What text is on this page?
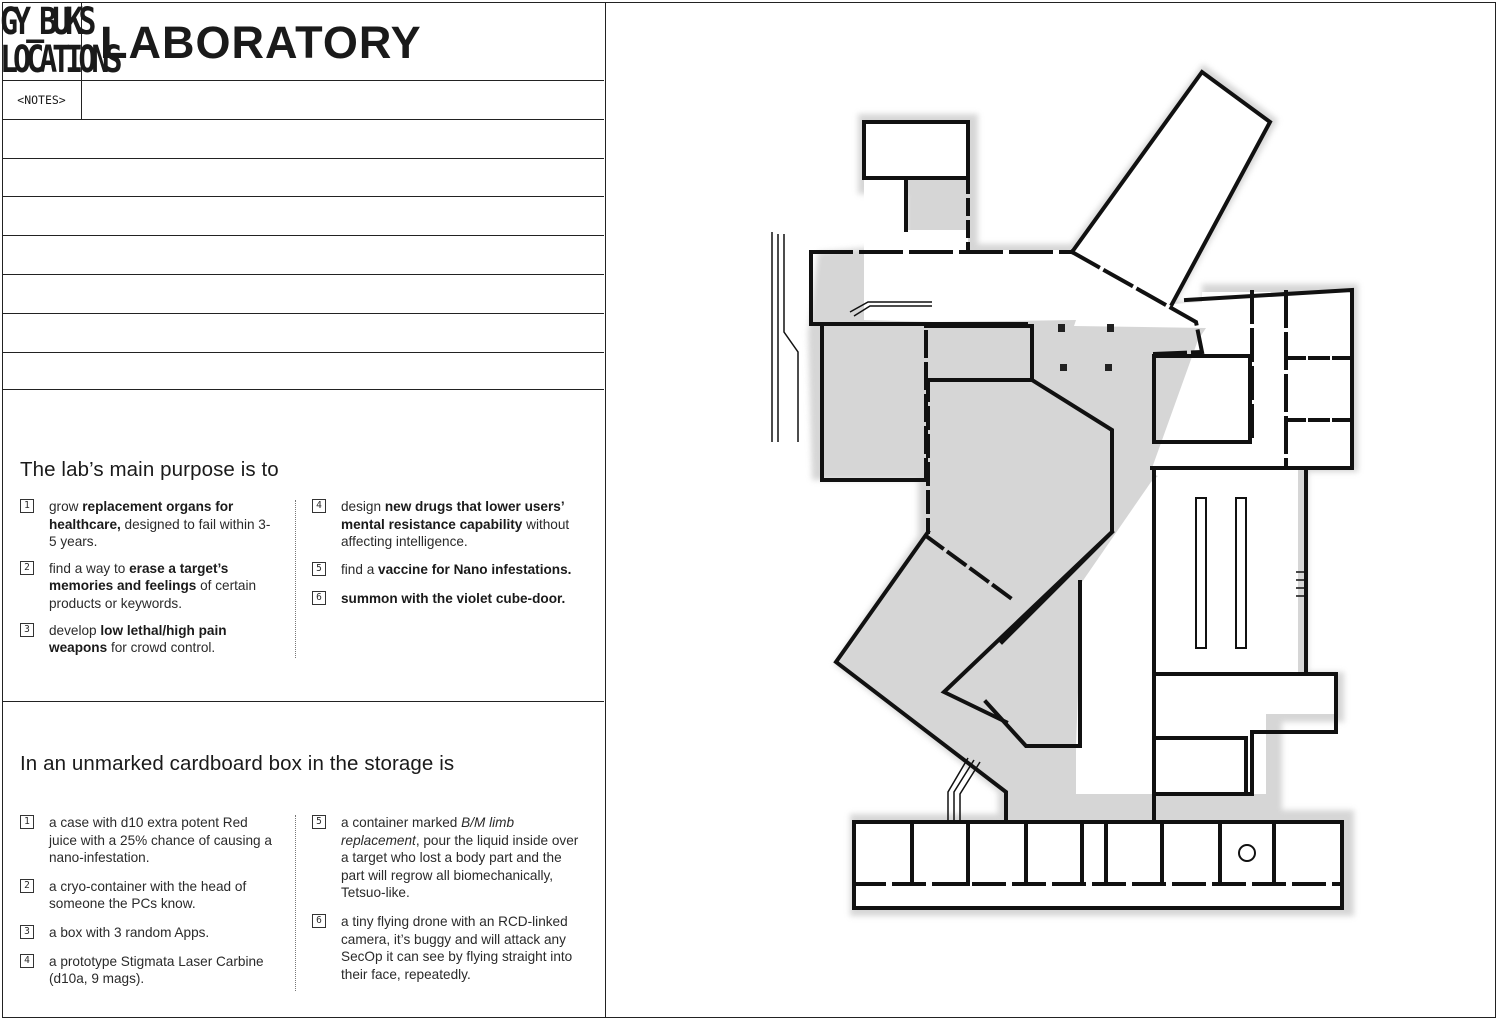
GY_BUKS
LOCATIONS
LABORATORY
<NOTES>
The lab’s main purpose is to
1	grow replacement organs for healthcare, designed to fail within 3-5 years.
2	find a way to erase a target’s memories and feelings of certain products or keywords.
3	develop low lethal/high pain weapons for crowd control.
4	design new drugs that lower users’ mental resistance capability without affecting intelligence.
5	find a vaccine for Nano infestations.
6	summon with the violet cube-door.
In an unmarked cardboard box in the storage is
1	a case with d10 extra potent Red juice with a 25% chance of causing a nano-infestation.
2	a cryo-container with the head of someone the PCs know.
3	a box with 3 random Apps.
4	a prototype Stigmata Laser Carbine (d10a, 9 mags).
5	a container marked B/M limb replacement, pour the liquid inside over a target who lost a body part and the part will regrow all biomechanically, Tetsuo-like.
6	a tiny flying drone with an RCD-linked camera, it’s buggy and will attack any SecOp it can see by flying straight into their face, repeatedly.
